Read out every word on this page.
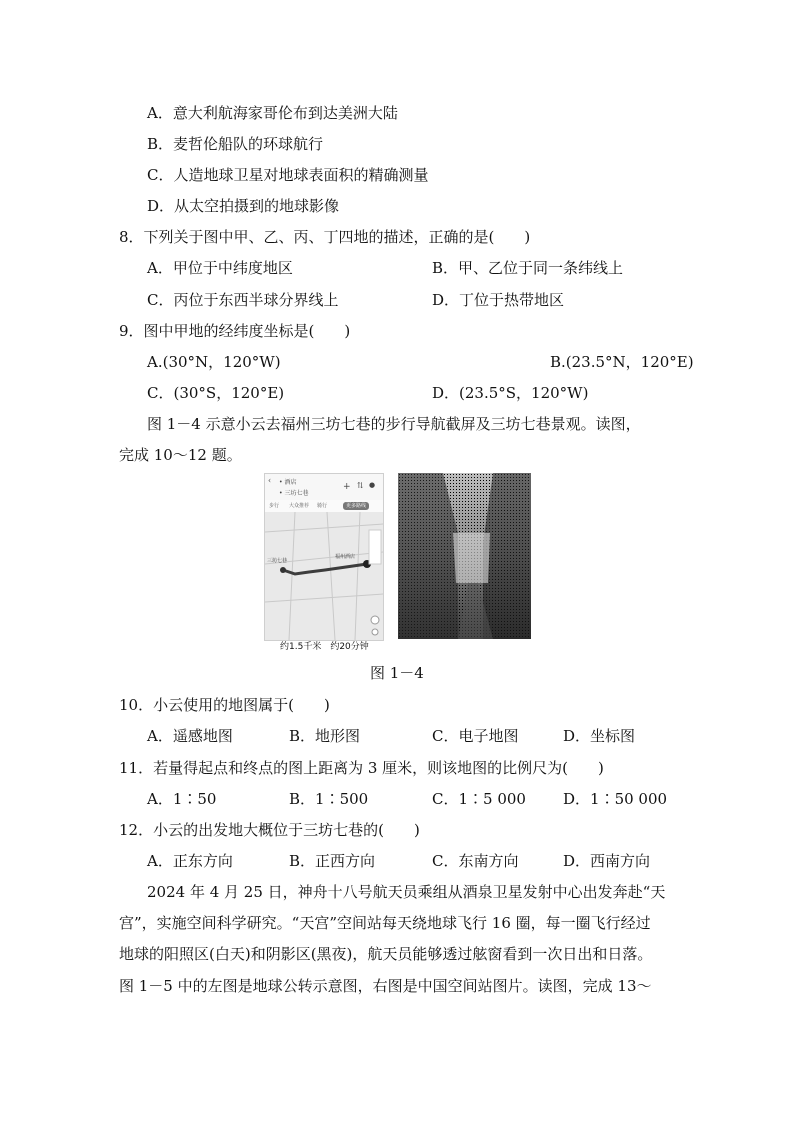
A．意大利航海家哥伦布到达美洲大陆
B．麦哲伦船队的环球航行
C．人造地球卫星对地球表面积的精确测量
D．从太空拍摄到的地球影像
8．下列关于图中甲、乙、丙、丁四地的描述，正确的是(　　)
A．甲位于中纬度地区	B．甲、乙位于同一条纬线上
C．丙位于东西半球分界线上	D．丁位于热带地区
9．图中甲地的经纬度坐标是(　　)
A.(30°N，120°W)	B.(23.5°N，120°E)
C．(30°S，120°E)	D．(23.5°S，120°W)
图 1－4 示意小云去福州三坊七巷的步行导航截屏及三坊七巷景观。读图，
完成 10～12 题。
‹ • 酒店
• 三坊七巷
+ ⇅ ●
步行 大众推荐 骑行	更多路线
三坊七巷
福州酒店
约1.5千米　约20分钟
图 1－4
10．小云使用的地图属于(　　)
A．遥感地图	B．地形图	C．电子地图	D．坐标图
11．若量得起点和终点的图上距离为 3 厘米，则该地图的比例尺为(　　)
A．1∶50	B．1∶500	C．1∶5 000 D．1∶50 000
12．小云的出发地大概位于三坊七巷的(　　)
A．正东方向	B．正西方向	C．东南方向	D．西南方向
2024 年 4 月 25 日，神舟十八号航天员乘组从酒泉卫星发射中心出发奔赴“天
宫”，实施空间科学研究。“天宫”空间站每天绕地球飞行 16 圈，每一圈飞行经过
地球的阳照区(白天)和阴影区(黑夜)，航天员能够透过舷窗看到一次日出和日落。
图 1－5 中的左图是地球公转示意图，右图是中国空间站图片。读图，完成 13～
